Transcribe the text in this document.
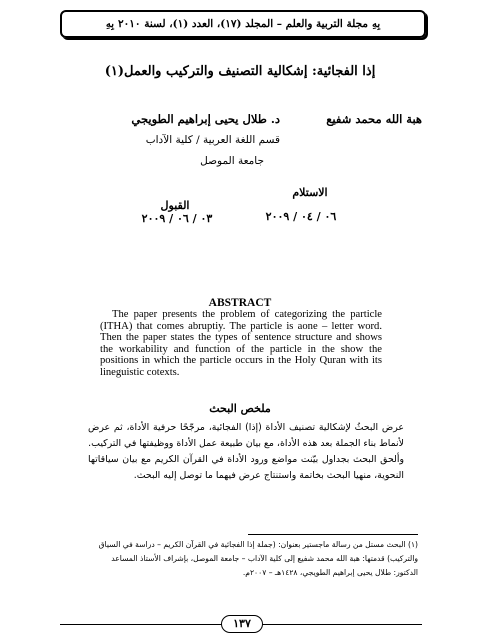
بِهِ
مجلة التربية والعلم – المجلد (١٧)، العدد (١)، لسنة ٢٠١٠
بِهِ
إذا الفجائية: إشكالية التصنيف والتركيب والعمل(١)
هبة الله محمد شفيع
د. طلال يحيى إبراهيم الطويجي
قسم اللغة العربية / كلية الآداب
جامعة الموصل
الاستلام
٠٦ / ٠٤ / ٢٠٠٩
القبول
٠٣ / ٠٦ / ٢٠٠٩
ABSTRACT
The paper presents the problem of categorizing the particle (ITHA) that comes abruptiy. The particle is aone – letter word. Then the paper states the types of sentence structure and shows the workability and function of the particle in the show the positions in which the particle occurs in the Holy Quran with its lineguistic cotexts.
ملخص البحث

عرض البحثُ لإشكالية تصنيف الأداة (إذا) الفجائية، مرجّحًا حرفية الأداة، ثم عرض لأنماط بناء الجملة بعد هذه الأداة، مع بيان طبيعة عمل الأداة ووظيفتها في التركيب.

وألحق البحث بجداول بيّنت مواضع ورود الأداة في القرآن الكريم مع بيان سياقاتها النحوية، منهيا البحث بخاتمة واستنتاج عرض فيهما ما توصل إليه البحث.

(١) البحث مستل من رسالة ماجستير بعنوان: (جملة إذا الفجائية في القرآن الكريم – دراسة في السياق

والتركيب) قدمتها: هبة الله محمد شفيع إلى كلية الآداب – جامعة الموصل، بإشراف الأستاذ المساعد

الدكتور: طلال يحيى إبراهيم الطويجي، ١٤٢٨هـ – ٢٠٠٧م.

١٣٧
